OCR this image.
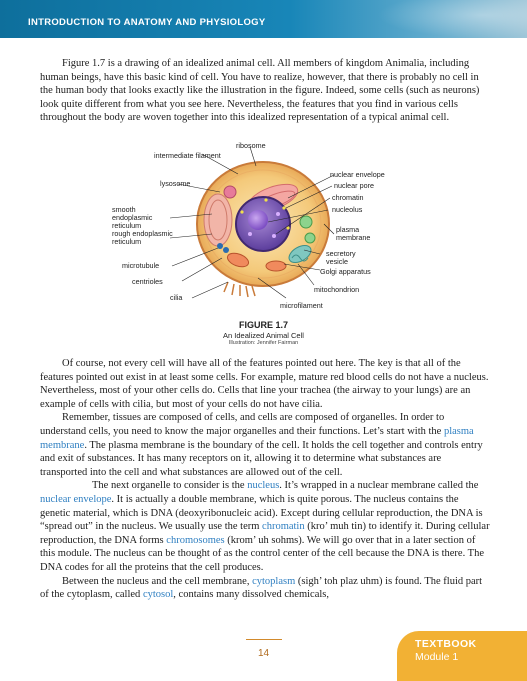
INTRODUCTION TO ANATOMY AND PHYSIOLOGY

Figure 1.7 is a drawing of an idealized animal cell. All members of kingdom Animalia, including human beings, have this basic kind of cell. You have to realize, however, that there is probably no cell in the human body that looks exactly like the illustration in the figure. Indeed, some cells (such as neurons) look quite different from what you see here. Nevertheless, the features that you find in various cells throughout the body are woven together into this idealized representation of a typical animal cell.

ribosome
intermediate filament
lysosome
smooth endoplasmic reticulum
rough endoplasmic reticulum
microtubule
centrioles
cilia
microfilament
mitochondrion
Golgi apparatus
secretory vesicle
plasma membrane
nucleolus
chromatin
nuclear pore
nuclear envelope
FIGURE 1.7
An Idealized Animal Cell
Illustration: Jennifer Fairman

Of course, not every cell will have all of the features pointed out here. The key is that all of the features pointed out exist in at least some cells. For example, mature red blood cells do not have a nucleus. Nevertheless, most of your other cells do. Cells that line your trachea (the airway to your lungs) are an example of cells with cilia, but most of your cells do not have cilia.

Remember, tissues are composed of cells, and cells are composed of organelles. In order to understand cells, you need to know the major organelles and their functions. Let’s start with the plasma membrane. The plasma membrane is the boundary of the cell. It holds the cell together and controls entry and exit of substances. It has many receptors on it, allowing it to determine what substances are transported into the cell and what substances are allowed out of the cell.

The next organelle to consider is the nucleus. It’s wrapped in a nuclear membrane called the nuclear envelope. It is actually a double membrane, which is quite porous. The nucleus contains the genetic material, which is DNA (deoxyribonucleic acid). Except during cellular reproduction, the DNA is “spread out” in the nucleus. We usually use the term chromatin (kro’ muh tin) to identify it. During cellular reproduction, the DNA forms chromosomes (krom’ uh sohms). We will go over that in a later section of this module. The nucleus can be thought of as the control center of the cell because the DNA is there. The DNA codes for all the proteins that the cell produces.

Between the nucleus and the cell membrane, cytoplasm (sigh’ toh plaz uhm) is found. The fluid part of the cytoplasm, called cytosol, contains many dissolved chemicals,

14
TEXTBOOK
Module 1
